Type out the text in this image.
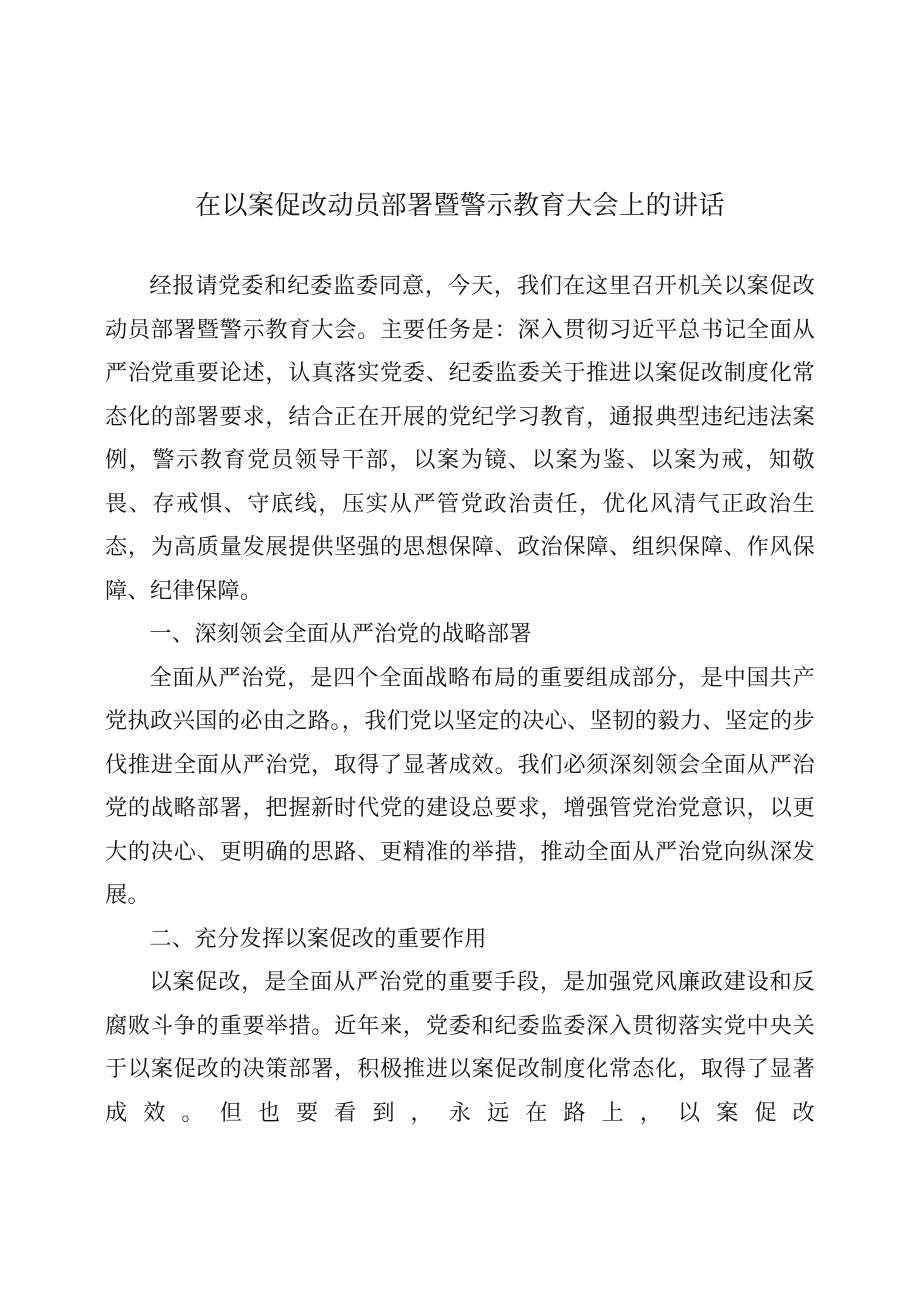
在以案促改动员部署暨警示教育大会上的讲话

经报请党委和纪委监委同意，今天，我们在这里召开机关以案促改动员部署暨警示教育大会。主要任务是：深入贯彻习近平总书记全面从严治党重要论述，认真落实党委、纪委监委关于推进以案促改制度化常态化的部署要求，结合正在开展的党纪学习教育，通报典型违纪违法案例，警示教育党员领导干部，以案为镜、以案为鉴、以案为戒，知敬畏、存戒惧、守底线，压实从严管党政治责任，优化风清气正政治生态，为高质量发展提供坚强的思想保障、政治保障、组织保障、作风保障、纪律保障。

一、深刻领会全面从严治党的战略部署

全面从严治党，是四个全面战略布局的重要组成部分，是中国共产党执政兴国的必由之路。，我们党以坚定的决心、坚韧的毅力、坚定的步伐推进全面从严治党，取得了显著成效。我们必须深刻领会全面从严治党的战略部署，把握新时代党的建设总要求，增强管党治党意识，以更大的决心、更明确的思路、更精准的举措，推动全面从严治党向纵深发展。

二、充分发挥以案促改的重要作用

以案促改，是全面从严治党的重要手段，是加强党风廉政建设和反腐败斗争的重要举措。近年来，党委和纪委监委深入贯彻落实党中央关于以案促改的决策部署，积极推进以案促改制度化常态化，取得了显著成效。但也要看到，永远在路上，以案促改
